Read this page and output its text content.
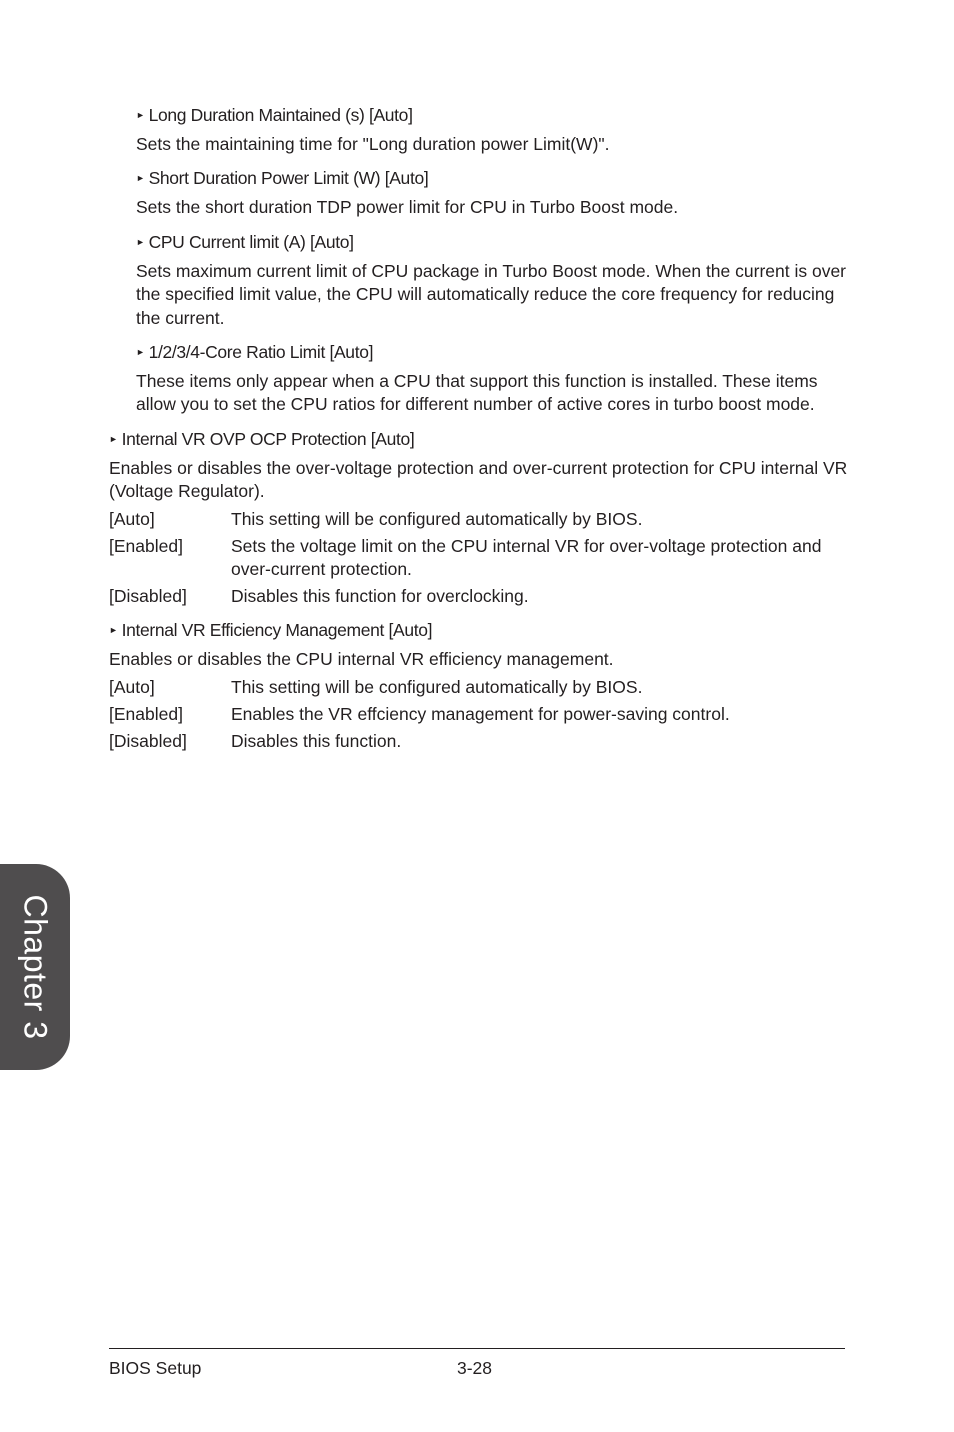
► Long Duration Maintained (s) [Auto]
Sets the maintaining time for "Long duration power Limit(W)".
► Short Duration Power Limit (W) [Auto]
Sets the short duration TDP power limit for CPU in Turbo Boost mode.
► CPU Current limit (A) [Auto]
Sets maximum current limit of CPU package in Turbo Boost mode. When the current is over the specified limit value, the CPU will automatically reduce the core frequency for reducing the current.
► 1/2/3/4-Core Ratio Limit [Auto]
These items only appear when a CPU that support this function is installed. These items allow you to set the CPU ratios for different number of active cores in turbo boost mode.
► Internal VR OVP OCP Protection [Auto]
Enables or disables the over-voltage protection and over-current protection for CPU internal VR (Voltage Regulator).
[Auto]	This setting will be configured automatically by BIOS.
[Enabled]	Sets the voltage limit on the CPU internal VR for over-voltage protection and over-current protection.
[Disabled]	Disables this function for overclocking.
► Internal VR Efficiency Management [Auto]
Enables or disables the CPU internal VR efficiency management.
[Auto]	This setting will be configured automatically by BIOS.
[Enabled]	Enables the VR effciency management for power-saving control.
[Disabled]	Disables this function.
Chapter 3
BIOS Setup	3-28
